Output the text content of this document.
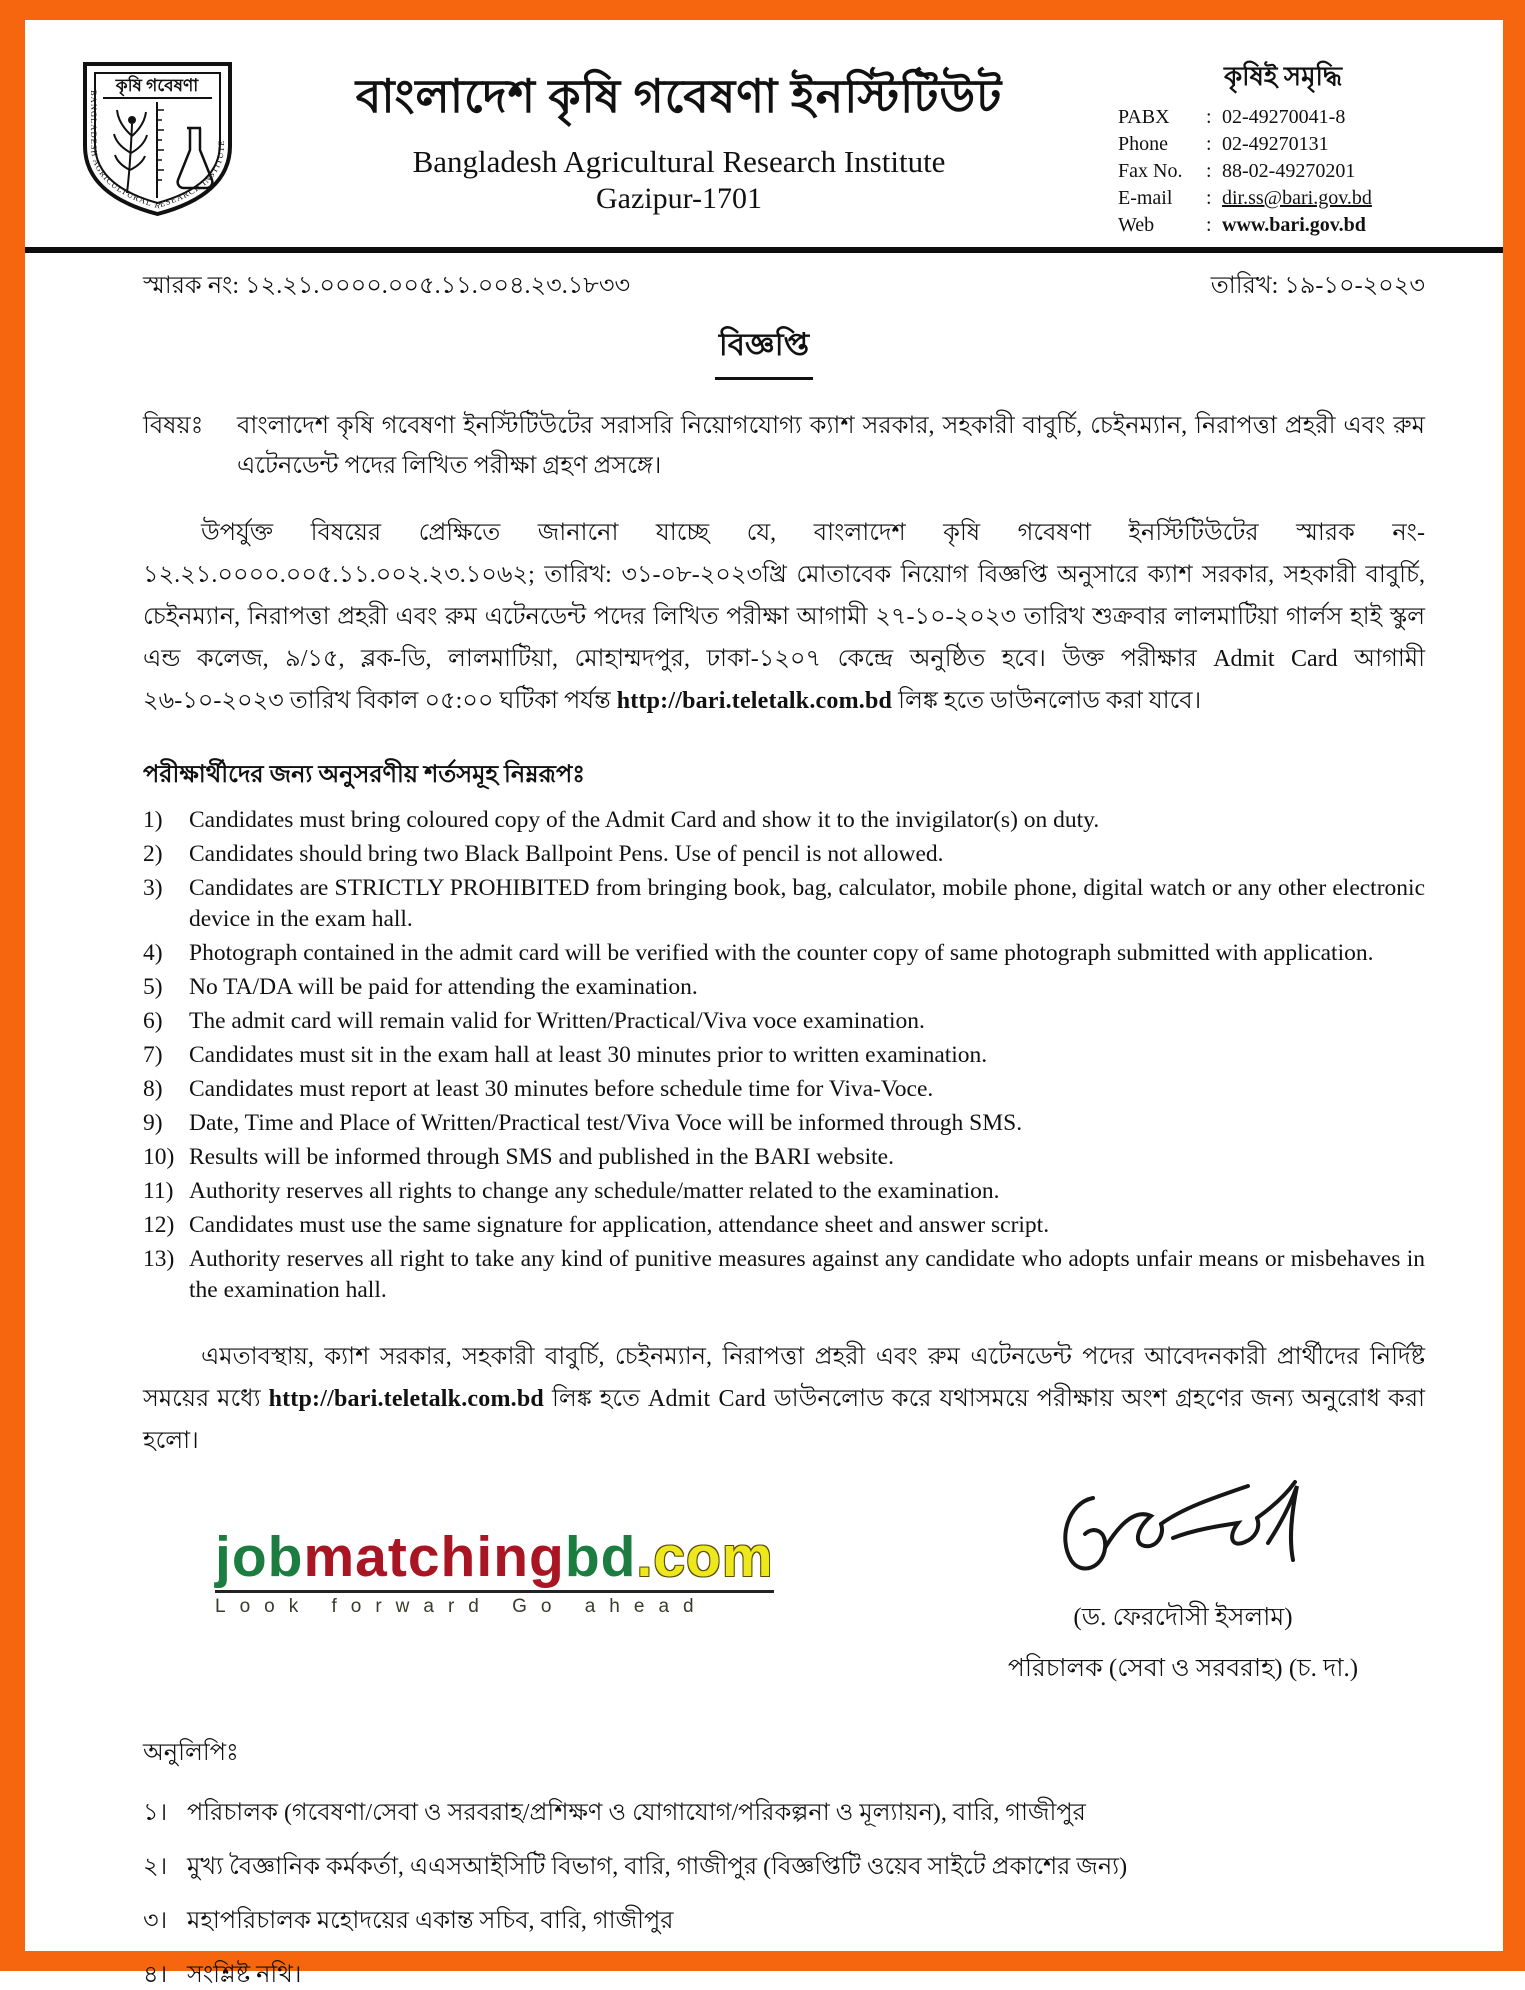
কৃষি গবেষণা
BANGLADESH AGRICULTURAL RESEARCH INSTITUTE
বাংলাদেশ কৃষি গবেষণা ইনস্টিটিউট
Bangladesh Agricultural Research Institute
Gazipur-1701
কৃষিই সমৃদ্ধি
PABX	: 02-49270041-8
Phone	: 02-49270131
Fax No.	: 88-02-49270201
E-mail	: dir.ss@bari.gov.bd
Web	: www.bari.gov.bd
স্মারক নং: ১২.২১.০০০০.০০৫.১১.০০৪.২৩.১৮৩৩	তারিখ: ১৯-১০-২০২৩
বিজ্ঞপ্তি
বিষয়ঃ	বাংলাদেশ কৃষি গবেষণা ইনস্টিটিউটের সরাসরি নিয়োগযোগ্য ক্যাশ সরকার, সহকারী বাবুর্চি, চেইনম্যান, নিরাপত্তা প্রহরী এবং রুম এটেনডেন্ট পদের লিখিত পরীক্ষা গ্রহণ প্রসঙ্গে।
উপর্যুক্ত বিষয়ের প্রেক্ষিতে জানানো যাচ্ছে যে, বাংলাদেশ কৃষি গবেষণা ইনস্টিটিউটের স্মারক নং- ১২.২১.০০০০.০০৫.১১.০০২.২৩.১০৬২; তারিখ: ৩১-০৮-২০২৩খ্রি মোতাবেক নিয়োগ বিজ্ঞপ্তি অনুসারে ক্যাশ সরকার, সহকারী বাবুর্চি, চেইনম্যান, নিরাপত্তা প্রহরী এবং রুম এটেনডেন্ট পদের লিখিত পরীক্ষা আগামী ২৭-১০-২০২৩ তারিখ শুক্রবার লালমাটিয়া গার্লস হাই স্কুল এন্ড কলেজ, ৯/১৫, ব্লক-ডি, লালমাটিয়া, মোহাম্মদপুর, ঢাকা-১২০৭ কেন্দ্রে অনুষ্ঠিত হবে। উক্ত পরীক্ষার Admit Card আগামী ২৬-১০-২০২৩ তারিখ বিকাল ০৫:০০ ঘটিকা পর্যন্ত http://bari.teletalk.com.bd লিঙ্ক হতে ডাউনলোড করা যাবে।
পরীক্ষার্থীদের জন্য অনুসরণীয় শর্তসমূহ নিম্নরূপঃ
1)	Candidates must bring coloured copy of the Admit Card and show it to the invigilator(s) on duty.
2)	Candidates should bring two Black Ballpoint Pens. Use of pencil is not allowed.
3)	Candidates are STRICTLY PROHIBITED from bringing book, bag, calculator, mobile phone, digital watch or any other electronic device in the exam hall.
4)	Photograph contained in the admit card will be verified with the counter copy of same photograph submitted with application.
5)	No TA/DA will be paid for attending the examination.
6)	The admit card will remain valid for Written/Practical/Viva voce examination.
7)	Candidates must sit in the exam hall at least 30 minutes prior to written examination.
8)	Candidates must report at least 30 minutes before schedule time for Viva-Voce.
9)	Date, Time and Place of Written/Practical test/Viva Voce will be informed through SMS.
10) Results will be informed through SMS and published in the BARI website.
11) Authority reserves all rights to change any schedule/matter related to the examination.
12) Candidates must use the same signature for application, attendance sheet and answer script.
13) Authority reserves all right to take any kind of punitive measures against any candidate who adopts unfair means or misbehaves in the examination hall.
এমতাবস্থায়, ক্যাশ সরকার, সহকারী বাবুর্চি, চেইনম্যান, নিরাপত্তা প্রহরী এবং রুম এটেনডেন্ট পদের আবেদনকারী প্রার্থীদের নির্দিষ্ট সময়ের মধ্যে http://bari.teletalk.com.bd লিঙ্ক হতে Admit Card ডাউনলোড করে যথাসময়ে পরীক্ষায় অংশ গ্রহণের জন্য অনুরোধ করা হলো।
jobmatchingbd.com
Look forward Go ahead	(ড. ফেরদৌসী ইসলাম)
পরিচালক (সেবা ও সরবরাহ) (চ. দা.)
অনুলিপিঃ
১। পরিচালক (গবেষণা/সেবা ও সরবরাহ/প্রশিক্ষণ ও যোগাযোগ/পরিকল্পনা ও মূল্যায়ন), বারি, গাজীপুর
২। মুখ্য বৈজ্ঞানিক কর্মকর্তা, এএসআইসিটি বিভাগ, বারি, গাজীপুর (বিজ্ঞপ্তিটি ওয়েব সাইটে প্রকাশের জন্য)
৩। মহাপরিচালক মহোদয়ের একান্ত সচিব, বারি, গাজীপুর
৪। সংশ্লিষ্ট নথি।
